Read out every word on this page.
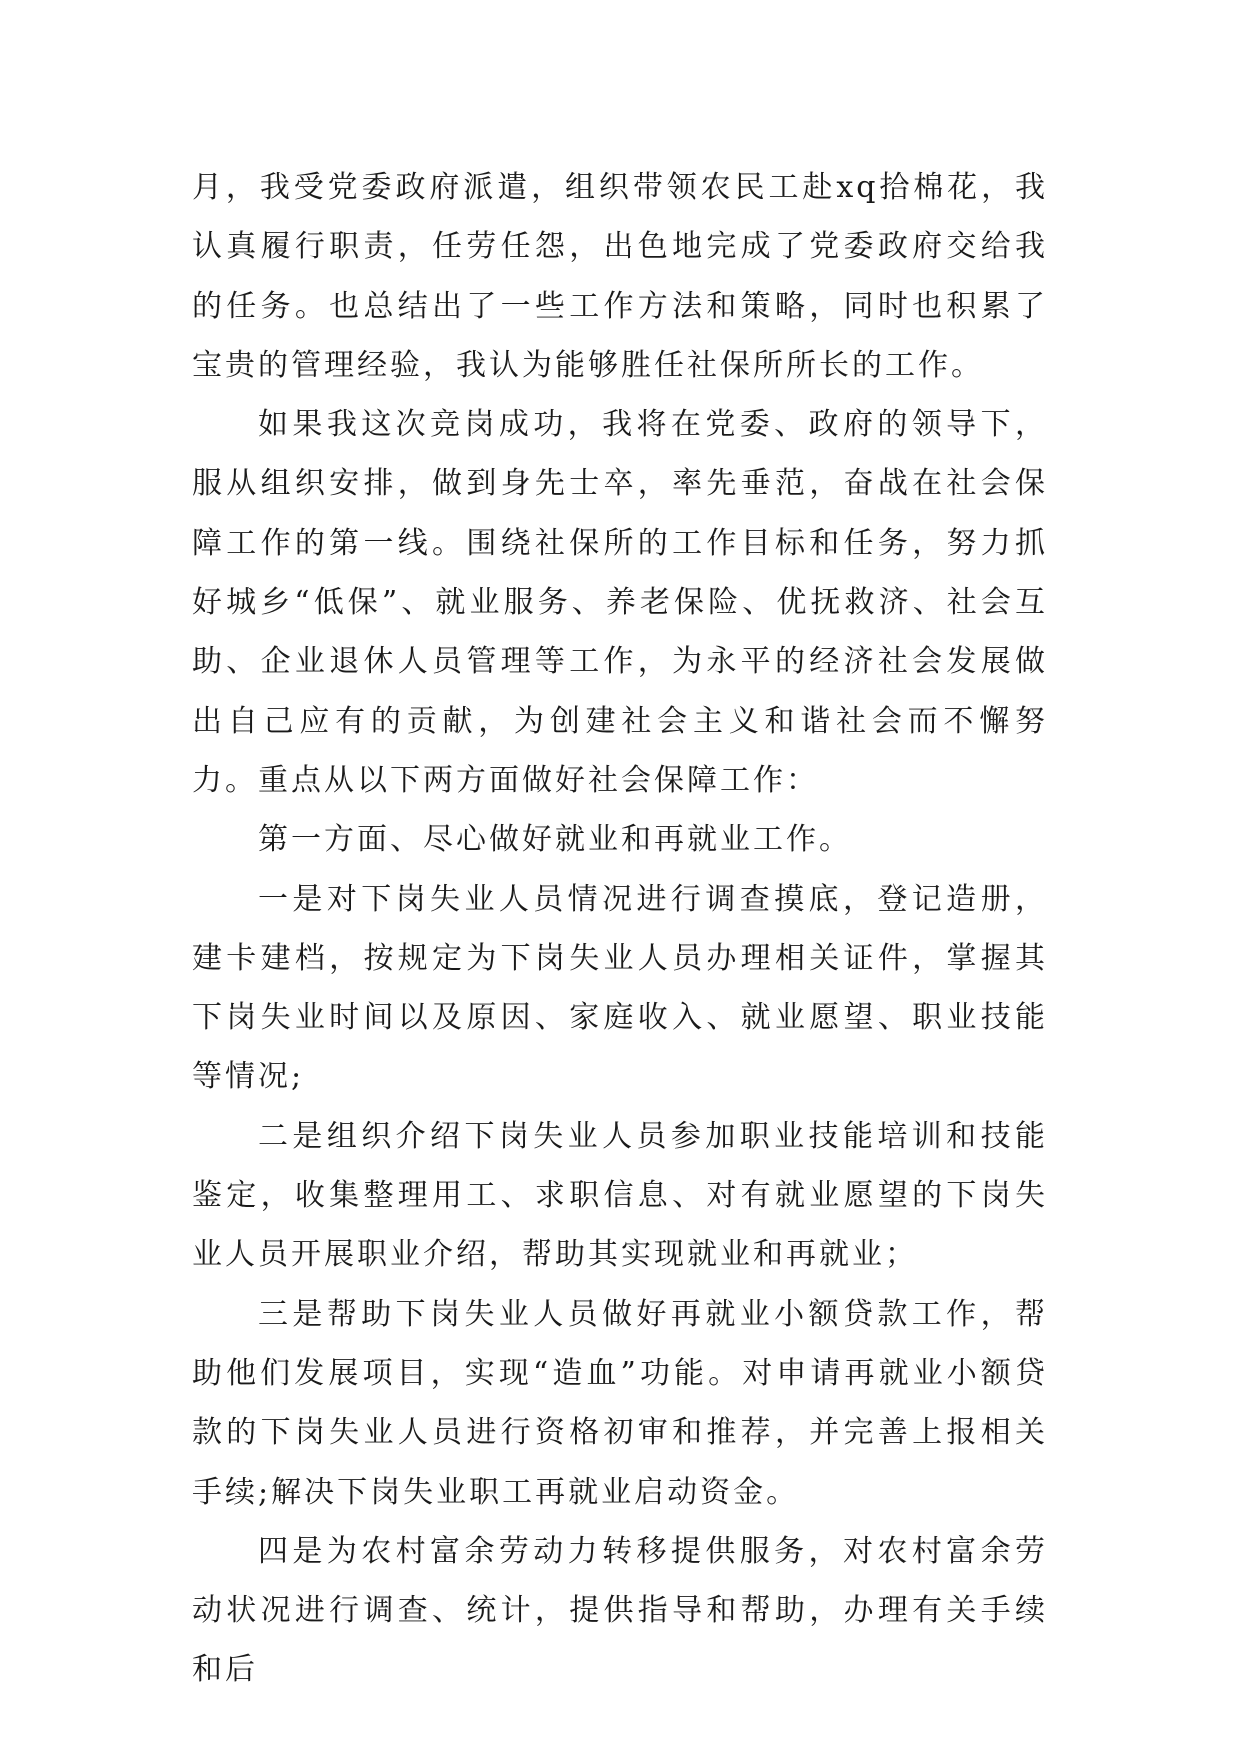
月，我受党委政府派遣，组织带领农民工赴xq拾棉花，我认真履行职责，任劳任怨，出色地完成了党委政府交给我的任务。也总结出了一些工作方法和策略，同时也积累了宝贵的管理经验，我认为能够胜任社保所所长的工作。

如果我这次竞岗成功，我将在党委、政府的领导下，服从组织安排，做到身先士卒，率先垂范，奋战在社会保障工作的第一线。围绕社保所的工作目标和任务，努力抓好城乡“低保”、就业服务、养老保险、优抚救济、社会互助、企业退休人员管理等工作，为永平的经济社会发展做出自己应有的贡献，为创建社会主义和谐社会而不懈努力。重点从以下两方面做好社会保障工作：

第一方面、尽心做好就业和再就业工作。

一是对下岗失业人员情况进行调查摸底，登记造册，建卡建档，按规定为下岗失业人员办理相关证件，掌握其下岗失业时间以及原因、家庭收入、就业愿望、职业技能等情况;

二是组织介绍下岗失业人员参加职业技能培训和技能鉴定，收集整理用工、求职信息、对有就业愿望的下岗失业人员开展职业介绍，帮助其实现就业和再就业；

三是帮助下岗失业人员做好再就业小额贷款工作，帮助他们发展项目，实现“造血”功能。对申请再就业小额贷款的下岗失业人员进行资格初审和推荐，并完善上报相关手续;解决下岗失业职工再就业启动资金。

四是为农村富余劳动力转移提供服务，对农村富余劳动状况进行调查、统计，提供指导和帮助，办理有关手续和后
